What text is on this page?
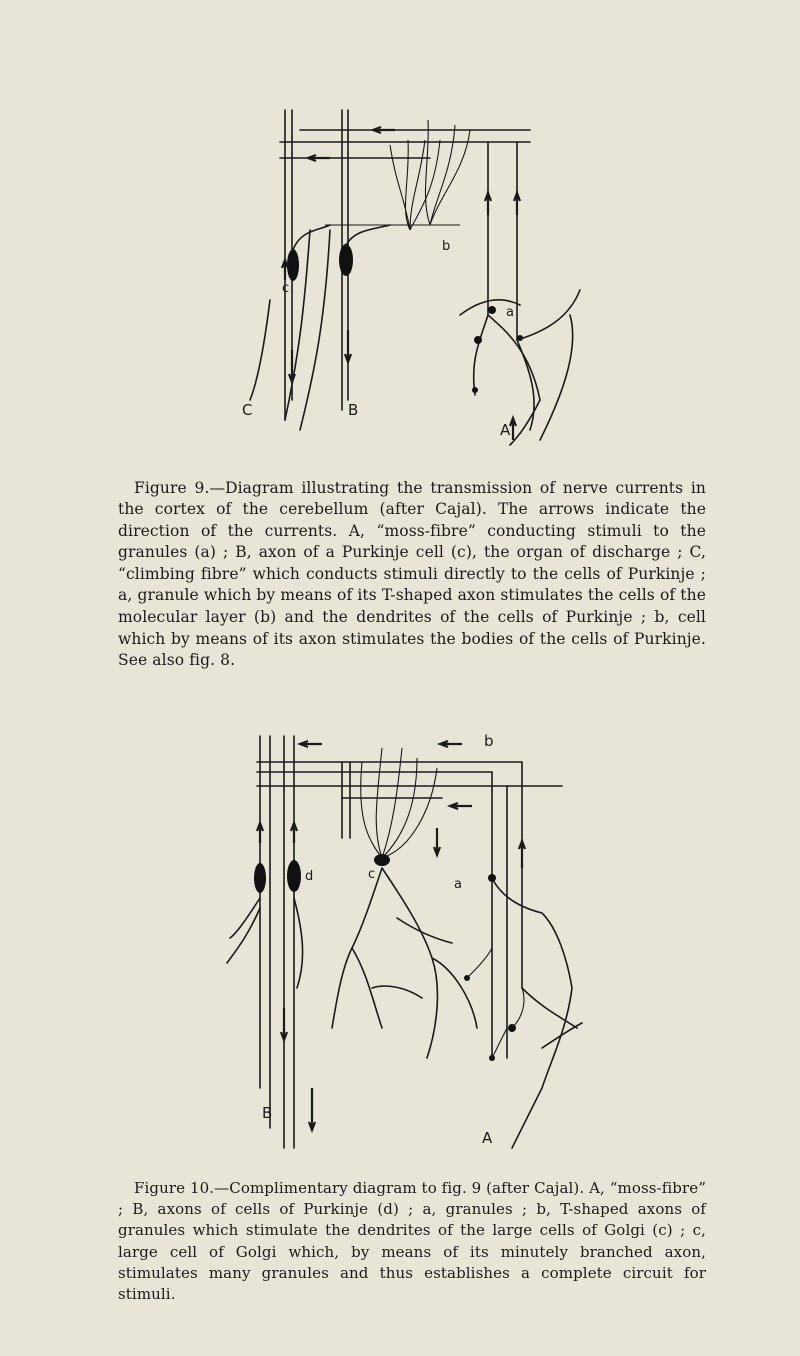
C	B
A
a
b
c

Figure 9.—Diagram illustrating the transmission of nerve currents in the cortex of the cerebellum (after Cajal). The arrows indicate the direction of the currents. A, “moss-fibre” conducting stimuli to the granules (a) ; B, axon of a Purkinje cell (c), the organ of discharge ; C, “climbing fibre” which conducts stimuli directly to the cells of Purkinje ; a, granule which by means of its T-shaped axon stimulates the cells of the molecular layer (b) and the dendrites of the cells of Purkinje ; b, cell which by means of its axon stimulates the bodies of the cells of Purkinje. See also fig. 8.

B
A
a
b
c
d

Figure 10.—Complimentary diagram to fig. 9 (after Cajal). A, “moss-fibre” ; B, axons of cells of Purkinje (d) ; a, granules ; b, T-shaped axons of granules which stimulate the dendrites of the large cells of Golgi (c) ; c, large cell of Golgi which, by means of its minutely branched axon, stimulates many granules and thus establishes a complete circuit for stimuli.
